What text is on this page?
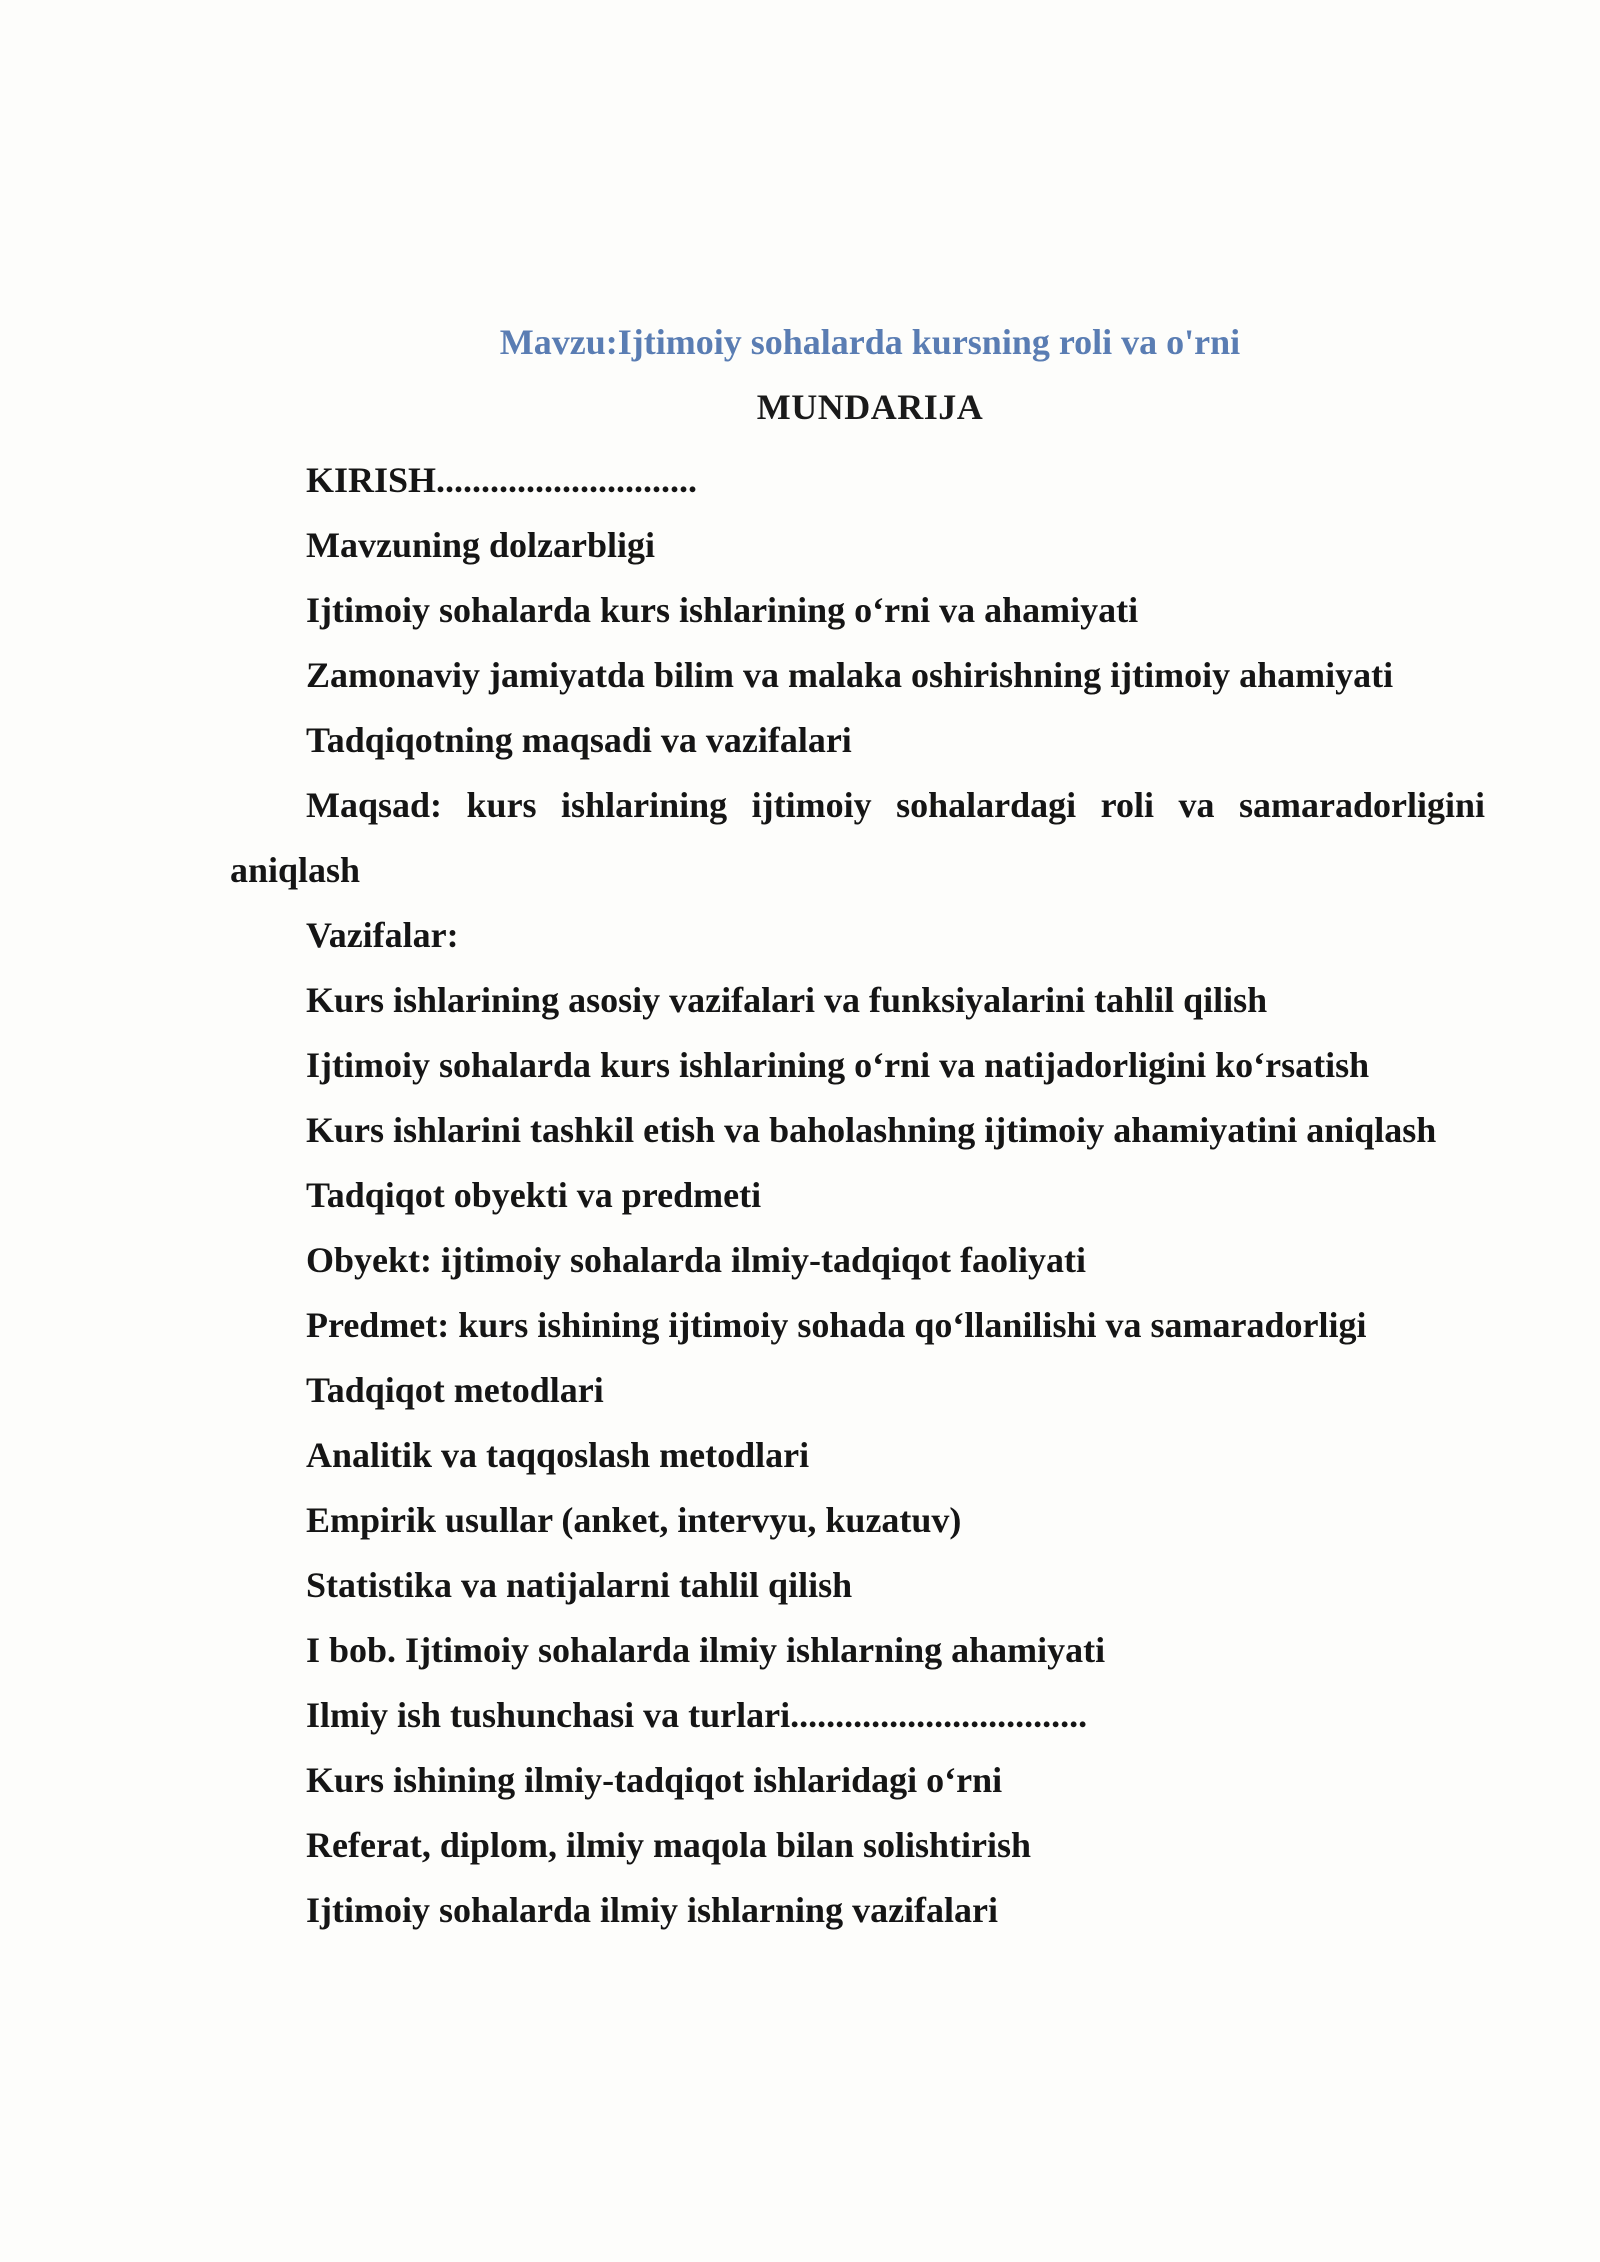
Mavzu:Ijtimoiy sohalarda kursning roli va o'rni
MUNDARIJA
KIRISH.............................
Mavzuning dolzarbligi
Ijtimoiy sohalarda kurs ishlarining o‘rni va ahamiyati
Zamonaviy jamiyatda bilim va malaka oshirishning ijtimoiy ahamiyati
Tadqiqotning maqsadi va vazifalari
Maqsad: kurs ishlarining ijtimoiy sohalardagi roli va samaradorligini aniqlash
Vazifalar:
Kurs ishlarining asosiy vazifalari va funksiyalarini tahlil qilish
Ijtimoiy sohalarda kurs ishlarining o‘rni va natijadorligini ko‘rsatish
Kurs ishlarini tashkil etish va baholashning ijtimoiy ahamiyatini aniqlash
Tadqiqot obyekti va predmeti
Obyekt: ijtimoiy sohalarda ilmiy-tadqiqot faoliyati
Predmet: kurs ishining ijtimoiy sohada qo‘llanilishi va samaradorligi
Tadqiqot metodlari
Analitik va taqqoslash metodlari
Empirik usullar (anket, intervyu, kuzatuv)
Statistika va natijalarni tahlil qilish
I bob. Ijtimoiy sohalarda ilmiy ishlarning ahamiyati
Ilmiy ish tushunchasi va turlari.................................
Kurs ishining ilmiy-tadqiqot ishlaridagi o‘rni
Referat, diplom, ilmiy maqola bilan solishtirish
Ijtimoiy sohalarda ilmiy ishlarning vazifalari
